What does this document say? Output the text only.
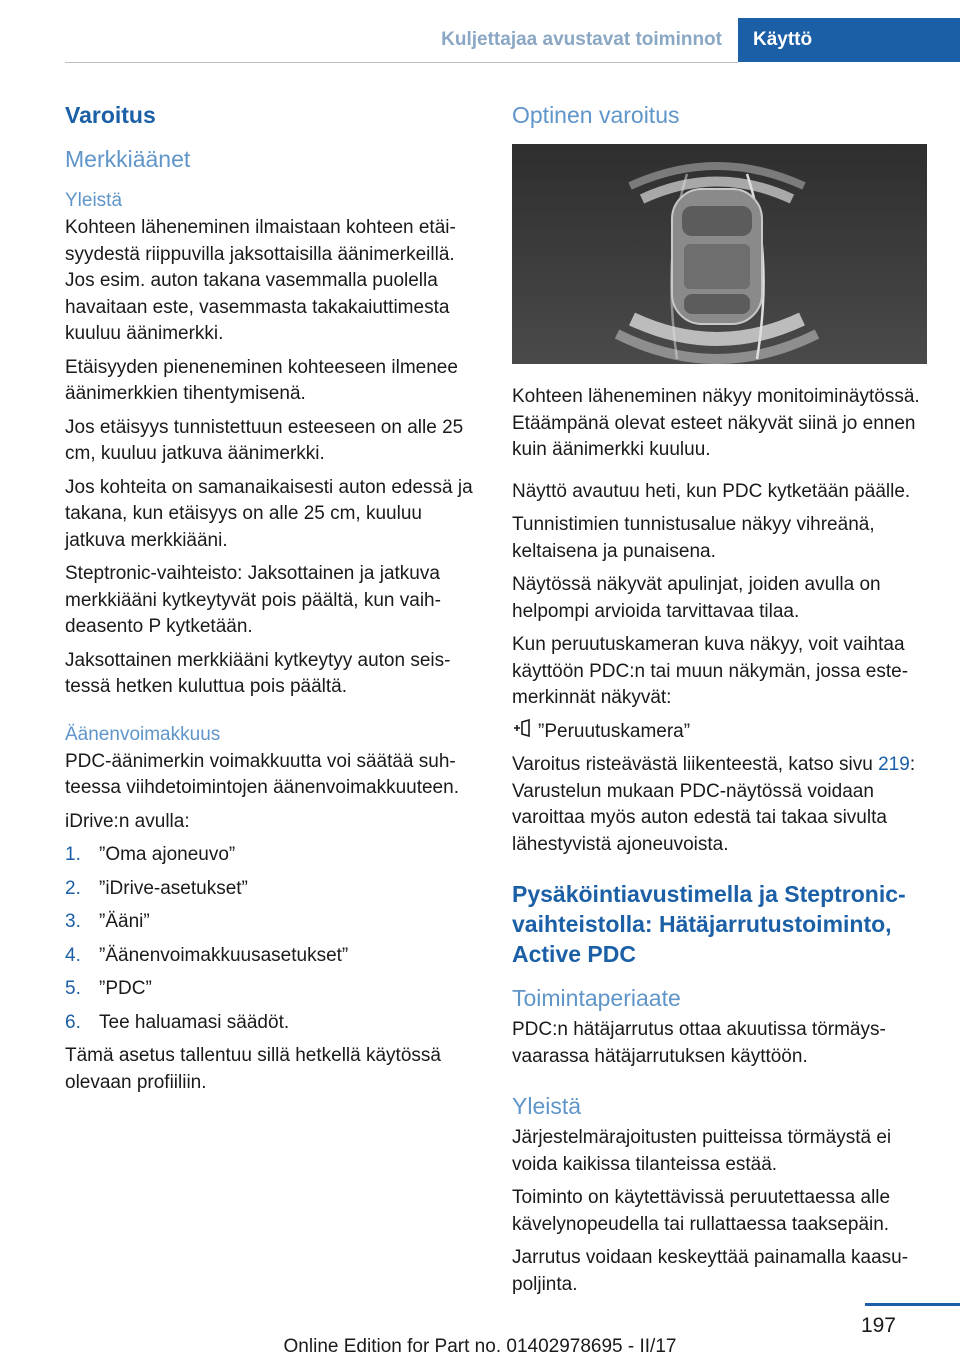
Kuljettajaa avustavat toiminnot	Käyttö
Varoitus
Merkkiäänet
Yleistä

Kohteen läheneminen ilmaistaan kohteen etäisyydestä riippuvilla jaksottaisilla äänimerkeillä. Jos esim. auton takana vasemmalla puolella havaitaan este, vasemmasta takakaiuttimesta kuuluu äänimerkki.

Etäisyyden pieneneminen kohteeseen ilmenee äänimerkkien tihentymisenä.

Jos etäisyys tunnistettuun esteeseen on alle 25 cm, kuuluu jatkuva äänimerkki.

Jos kohteita on samanaikaisesti auton edessä ja takana, kun etäisyys on alle 25 cm, kuuluu jatkuva merkkiääni.

Steptronic-vaihteisto: Jaksottainen ja jatkuva merkkiääni kytkeytyvät pois päältä, kun vaihdeasento P kytketään.

Jaksottainen merkkiääni kytkeytyy auton seistessä hetken kuluttua pois päältä.

Äänenvoimakkuus

PDC-äänimerkin voimakkuutta voi säätää suhteessa viihdetoimintojen äänenvoimakkuuteen.

iDrive:n avulla:

1. ”Oma ajoneuvo”
2. ”iDrive-asetukset”
3. ”Ääni”
4. ”Äänenvoimakkuusasetukset”
5. ”PDC”
6. Tee haluamasi säädöt.

Tämä asetus tallentuu sillä hetkellä käytössä olevaan profiiliin.

Optinen varoitus

Kohteen läheneminen näkyy monitoiminäytössä. Etäämpänä olevat esteet näkyvät siinä jo ennen kuin äänimerkki kuuluu.

Näyttö avautuu heti, kun PDC kytketään päälle.

Tunnistimien tunnistusalue näkyy vihreänä, keltaisena ja punaisena.

Näytössä näkyvät apulinjat, joiden avulla on helpompi arvioida tarvittavaa tilaa.

Kun peruutuskameran kuva näkyy, voit vaihtaa käyttöön PDC:n tai muun näkymän, jossa estemerkinnät näkyvät:

”Peruutuskamera”

Varoitus risteävästä liikenteestä, katso sivu 219: Varustelun mukaan PDC-näytössä voidaan varoittaa myös auton edestä tai takaa sivulta lähestyvistä ajoneuvoista.

Pysäköintiavustimella ja Steptronic-vaihteistolla: Hätäjarrutustoiminto, Active PDC
Toimintaperiaate

PDC:n hätäjarrutus ottaa akuutissa törmäysvaarassa hätäjarrutuksen käyttöön.

Yleistä

Järjestelmärajoitusten puitteissa törmäystä ei voida kaikissa tilanteissa estää.

Toiminto on käytettävissä peruutettaessa alle kävelynopeudella tai rullattaessa taaksepäin.

Jarrutus voidaan keskeyttää painamalla kaasupoljinta.

197
Online Edition for Part no. 01402978695 - II/17
